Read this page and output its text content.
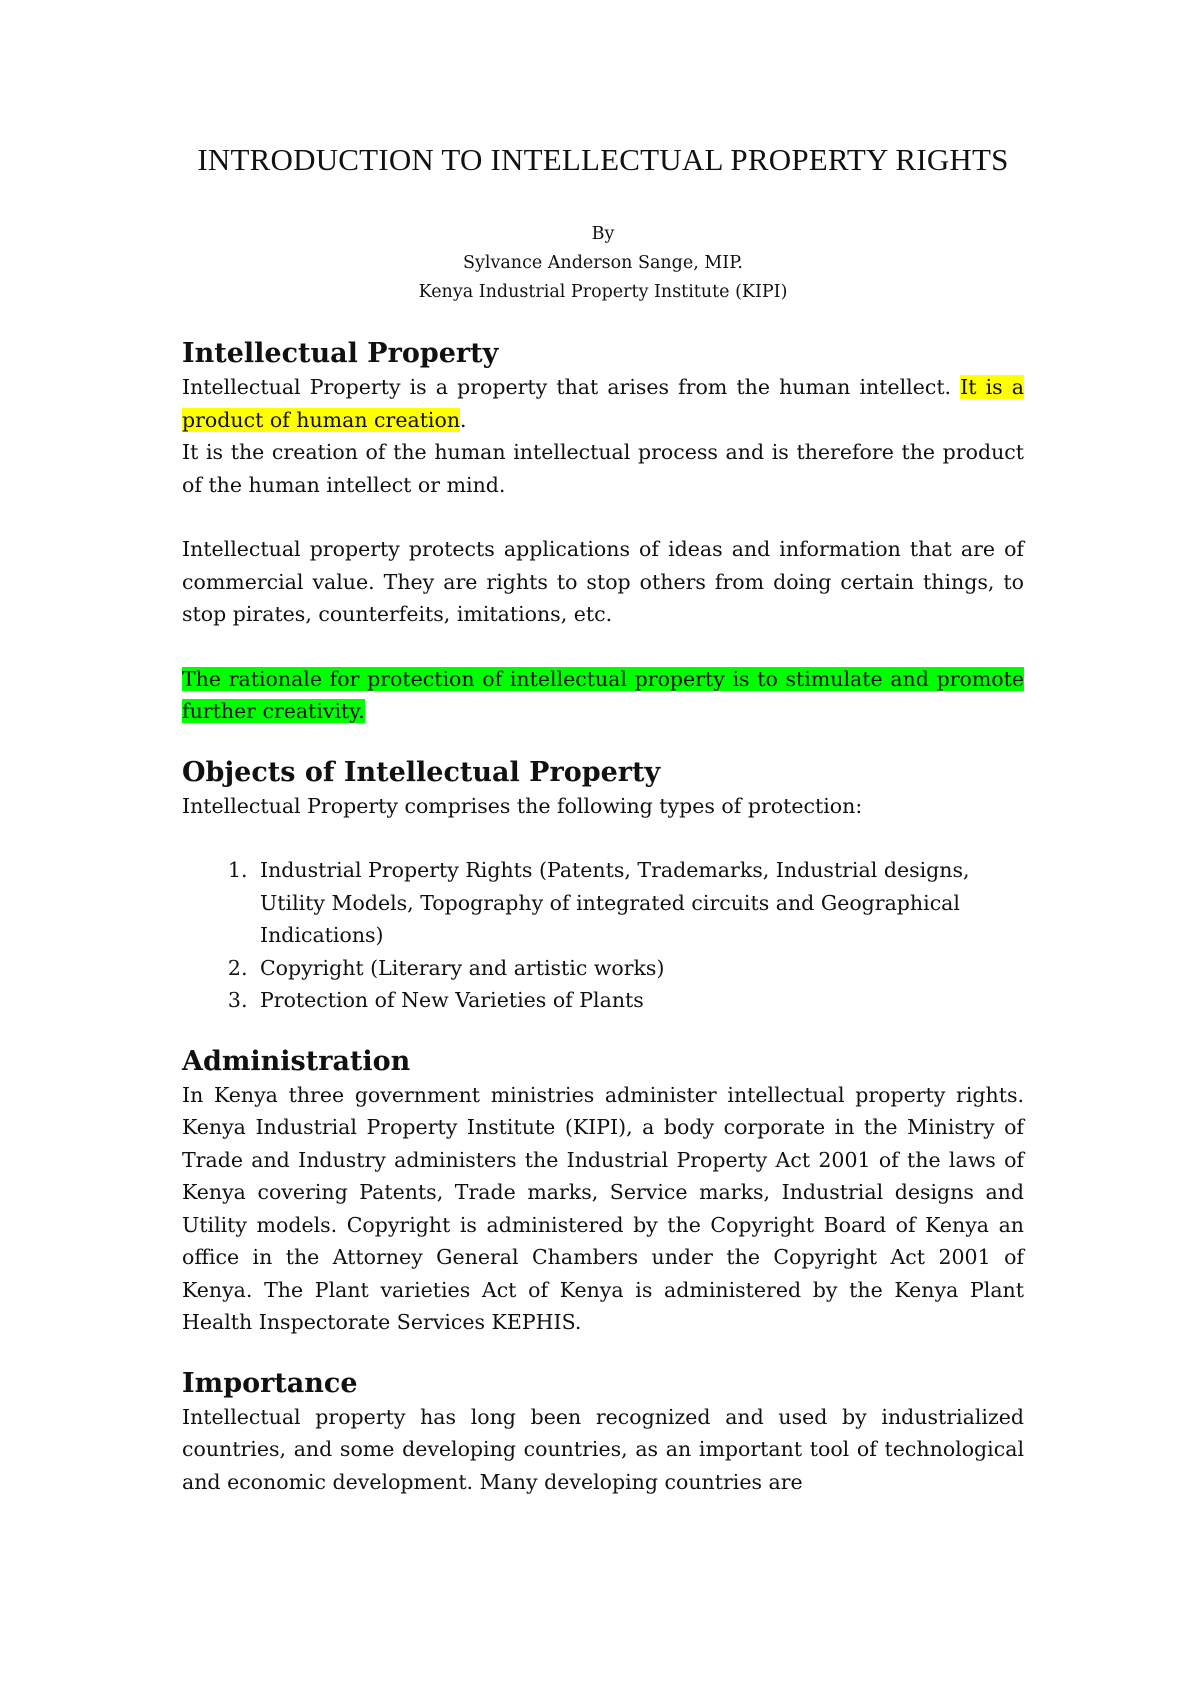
INTRODUCTION TO INTELLECTUAL PROPERTY RIGHTS
By
Sylvance Anderson Sange, MIP.
Kenya Industrial Property Institute (KIPI)
Intellectual Property

Intellectual Property is a property that arises from the human intellect. It is a product of human creation.

It is the creation of the human intellectual process and is therefore the product of the human intellect or mind.

Intellectual property protects applications of ideas and information that are of commercial value. They are rights to stop others from doing certain things, to stop pirates, counterfeits, imitations, etc.

The rationale for protection of intellectual property is to stimulate and promote further creativity.

Objects of Intellectual Property

Intellectual Property comprises the following types of protection:

1. Industrial Property Rights (Patents, Trademarks, Industrial designs, Utility Models, Topography of integrated circuits and Geographical Indications)
2. Copyright (Literary and artistic works)
3. Protection of New Varieties of Plants
Administration

In Kenya three government ministries administer intellectual property rights. Kenya Industrial Property Institute (KIPI), a body corporate in the Ministry of Trade and Industry administers the Industrial Property Act 2001 of the laws of Kenya covering Patents, Trade marks, Service marks, Industrial designs and Utility models. Copyright is administered by the Copyright Board of Kenya an office in the Attorney General Chambers under the Copyright Act 2001 of Kenya. The Plant varieties Act of Kenya is administered by the Kenya Plant Health Inspectorate Services KEPHIS.

Importance

Intellectual property has long been recognized and used by industrialized countries, and some developing countries, as an important tool of technological and economic development. Many developing countries are
